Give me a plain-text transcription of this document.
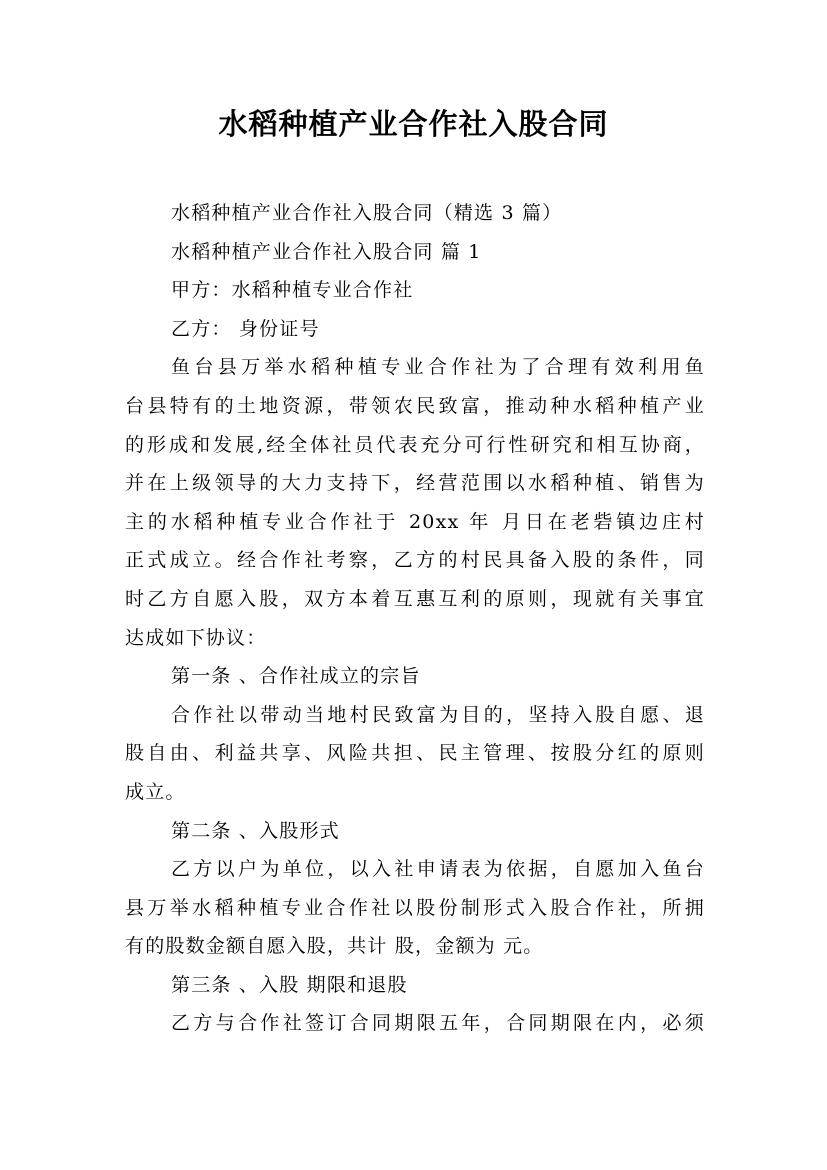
水稻种植产业合作社入股合同
水稻种植产业合作社入股合同（精选 3 篇）
水稻种植产业合作社入股合同 篇 1
甲方：水稻种植专业合作社
乙方： 身份证号
鱼台县万举水稻种植专业合作社为了合理有效利用鱼
台县特有的土地资源，带领农民致富，推动种水稻种植产业
的形成和发展,经全体社员代表充分可行性研究和相互协商，
并在上级领导的大力支持下，经营范围以水稻种植、销售为
主的水稻种植专业合作社于 20xx 年 月日在老砦镇边庄村
正式成立。经合作社考察，乙方的村民具备入股的条件，同
时乙方自愿入股，双方本着互惠互利的原则，现就有关事宜
达成如下协议：
第一条 、合作社成立的宗旨
合作社以带动当地村民致富为目的，坚持入股自愿、退
股自由、利益共享、风险共担、民主管理、按股分红的原则
成立。
第二条 、入股形式
乙方以户为单位，以入社申请表为依据，自愿加入鱼台
县万举水稻种植专业合作社以股份制形式入股合作社，所拥
有的股数金额自愿入股，共计 股，金额为 元。
第三条 、入股 期限和退股
乙方与合作社签订合同期限五年，合同期限在内，必须
